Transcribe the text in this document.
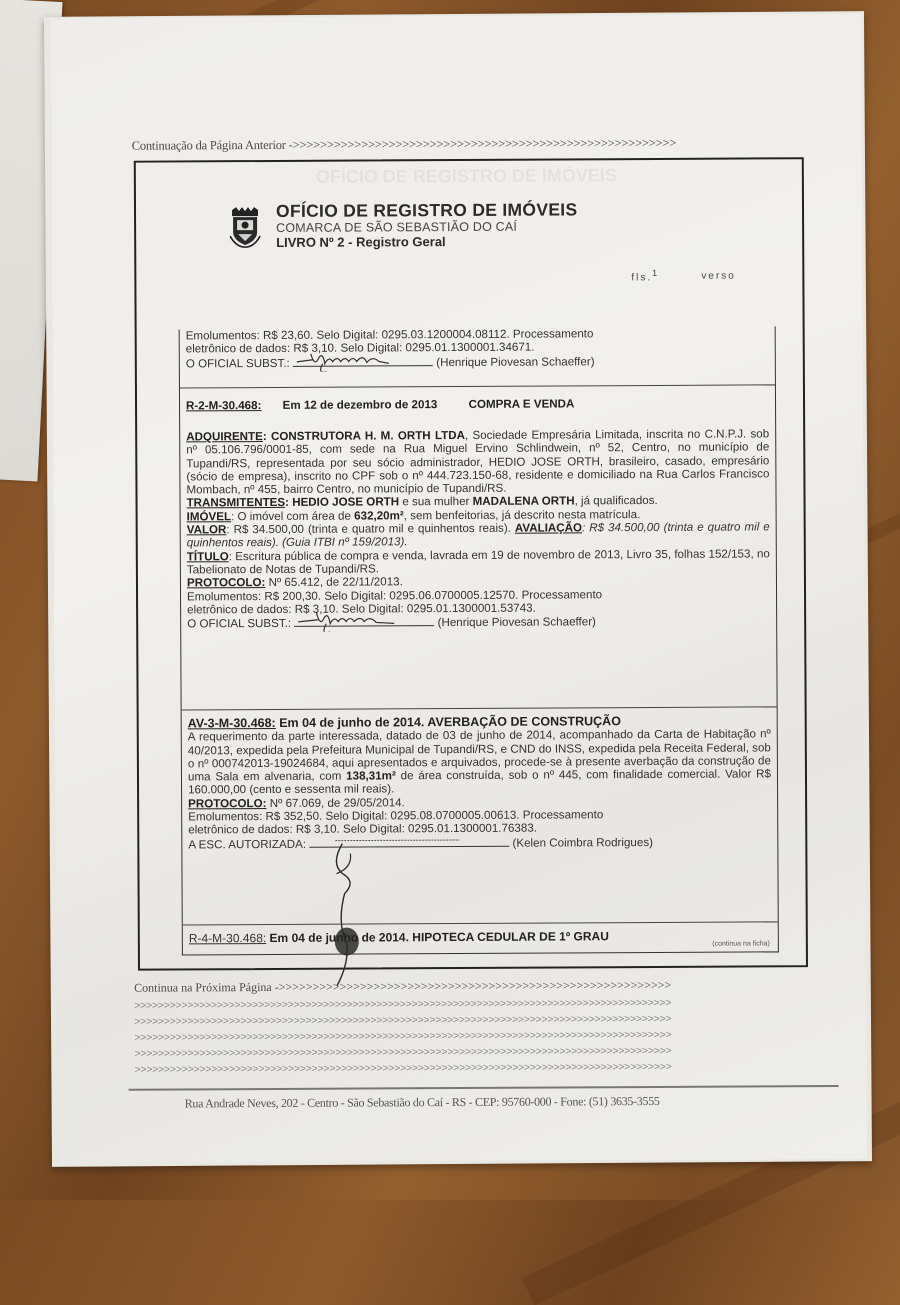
Continuação da Página Anterior ->>>>>>>>>>>>>>>>>>>>>>>>>>>>>>>>>>>>>>>>>>>>>>>>>>>>>>>>
OFÍCIO DE REGISTRO DE IMÓVEIS
OFÍCIO DE REGISTRO DE IMÓVEIS
COMARCA DE SÃO SEBASTIÃO DO CAÍ
LIVRO Nº 2 - Registro Geral
fls.$^1$	verso
Emolumentos: R$ 23,60. Selo Digital: 0295.03.1200004.08112. Processamento
eletrônico de dados: R$ 3,10. Selo Digital: 0295.01.1300001.34671.
O OFICIAL SUBST.:	(Henrique Piovesan Schaeffer)
R-2-M-30.468: Em 12 de dezembro de 2013	COMPRA E VENDA
ADQUIRENTE: CONSTRUTORA H. M. ORTH LTDA, Sociedade Empresária Limitada, inscrita no C.N.P.J. sob nº 05.106.796/0001-85, com sede na Rua Miguel Ervino Schlindwein, nº 52, Centro, no município de Tupandi/RS, representada por seu sócio administrador, HEDIO JOSE ORTH, brasileiro, casado, empresário (sócio de empresa), inscrito no CPF sob o nº 444.723.150-68, residente e domiciliado na Rua Carlos Francisco Mombach, nº 455, bairro Centro, no município de Tupandi/RS.
TRANSMITENTES: HEDIO JOSE ORTH e sua mulher MADALENA ORTH, já qualificados.
IMÓVEL: O imóvel com área de 632,20m², sem benfeitorias, já descrito nesta matrícula.
VALOR: R$ 34.500,00 (trinta e quatro mil e quinhentos reais). AVALIAÇÃO: R$ 34.500,00 (trinta e quatro mil e quinhentos reais). (Guia ITBI nº 159/2013).
TÍTULO: Escritura pública de compra e venda, lavrada em 19 de novembro de 2013, Livro 35, folhas 152/153, no Tabelionato de Notas de Tupandi/RS.
PROTOCOLO: Nº 65.412, de 22/11/2013.
Emolumentos: R$ 200,30. Selo Digital: 0295.06.0700005.12570. Processamento
eletrônico de dados: R$ 3,10. Selo Digital: 0295.01.1300001.53743.
O OFICIAL SUBST.:	(Henrique Piovesan Schaeffer)
AV-3-M-30.468: Em 04 de junho de 2014. AVERBAÇÃO DE CONSTRUÇÃO
A requerimento da parte interessada, datado de 03 de junho de 2014, acompanhado da Carta de Habitação nº 40/2013, expedida pela Prefeitura Municipal de Tupandi/RS, e CND do INSS, expedida pela Receita Federal, sob o nº 000742013-19024684, aqui apresentados e arquivados, procede-se à presente averbação da construção de uma Sala em alvenaria, com 138,31m² de área construída, sob o nº 445, com finalidade comercial. Valor R$ 160.000,00 (cento e sessenta mil reais).
PROTOCOLO: Nº 67.069, de 29/05/2014.
Emolumentos: R$ 352,50. Selo Digital: 0295.08.0700005.00613. Processamento
eletrônico de dados: R$ 3,10. Selo Digital: 0295.01.1300001.76383.
A ESC. AUTORIZADA:	(Kelen Coimbra Rodrigues)
R-4-M-30.468: Em 04 de junho de 2014. HIPOTECA CEDULAR DE 1º GRAU	(continua na ficha)
Continua na Próxima Página ->>>>>>>>>>>>>>>>>>>>>>>>>>>>>>>>>>>>>>>>>>>>>>>>>>>>>>>>>>
>>>>>>>>>>>>>>>>>>>>>>>>>>>>>>>>>>>>>>>>>>>>>>>>>>>>>>>>>>>>>>>>>>>>>>>>>>>>>>>>>>>>>>>>>>>
>>>>>>>>>>>>>>>>>>>>>>>>>>>>>>>>>>>>>>>>>>>>>>>>>>>>>>>>>>>>>>>>>>>>>>>>>>>>>>>>>>>>>>>>>>>
>>>>>>>>>>>>>>>>>>>>>>>>>>>>>>>>>>>>>>>>>>>>>>>>>>>>>>>>>>>>>>>>>>>>>>>>>>>>>>>>>>>>>>>>>>>
>>>>>>>>>>>>>>>>>>>>>>>>>>>>>>>>>>>>>>>>>>>>>>>>>>>>>>>>>>>>>>>>>>>>>>>>>>>>>>>>>>>>>>>>>>>
>>>>>>>>>>>>>>>>>>>>>>>>>>>>>>>>>>>>>>>>>>>>>>>>>>>>>>>>>>>>>>>>>>>>>>>>>>>>>>>>>>>>>>>>>>>
Rua Andrade Neves, 202 - Centro - São Sebastião do Caí - RS - CEP: 95760-000 - Fone: (51) 3635-3555
